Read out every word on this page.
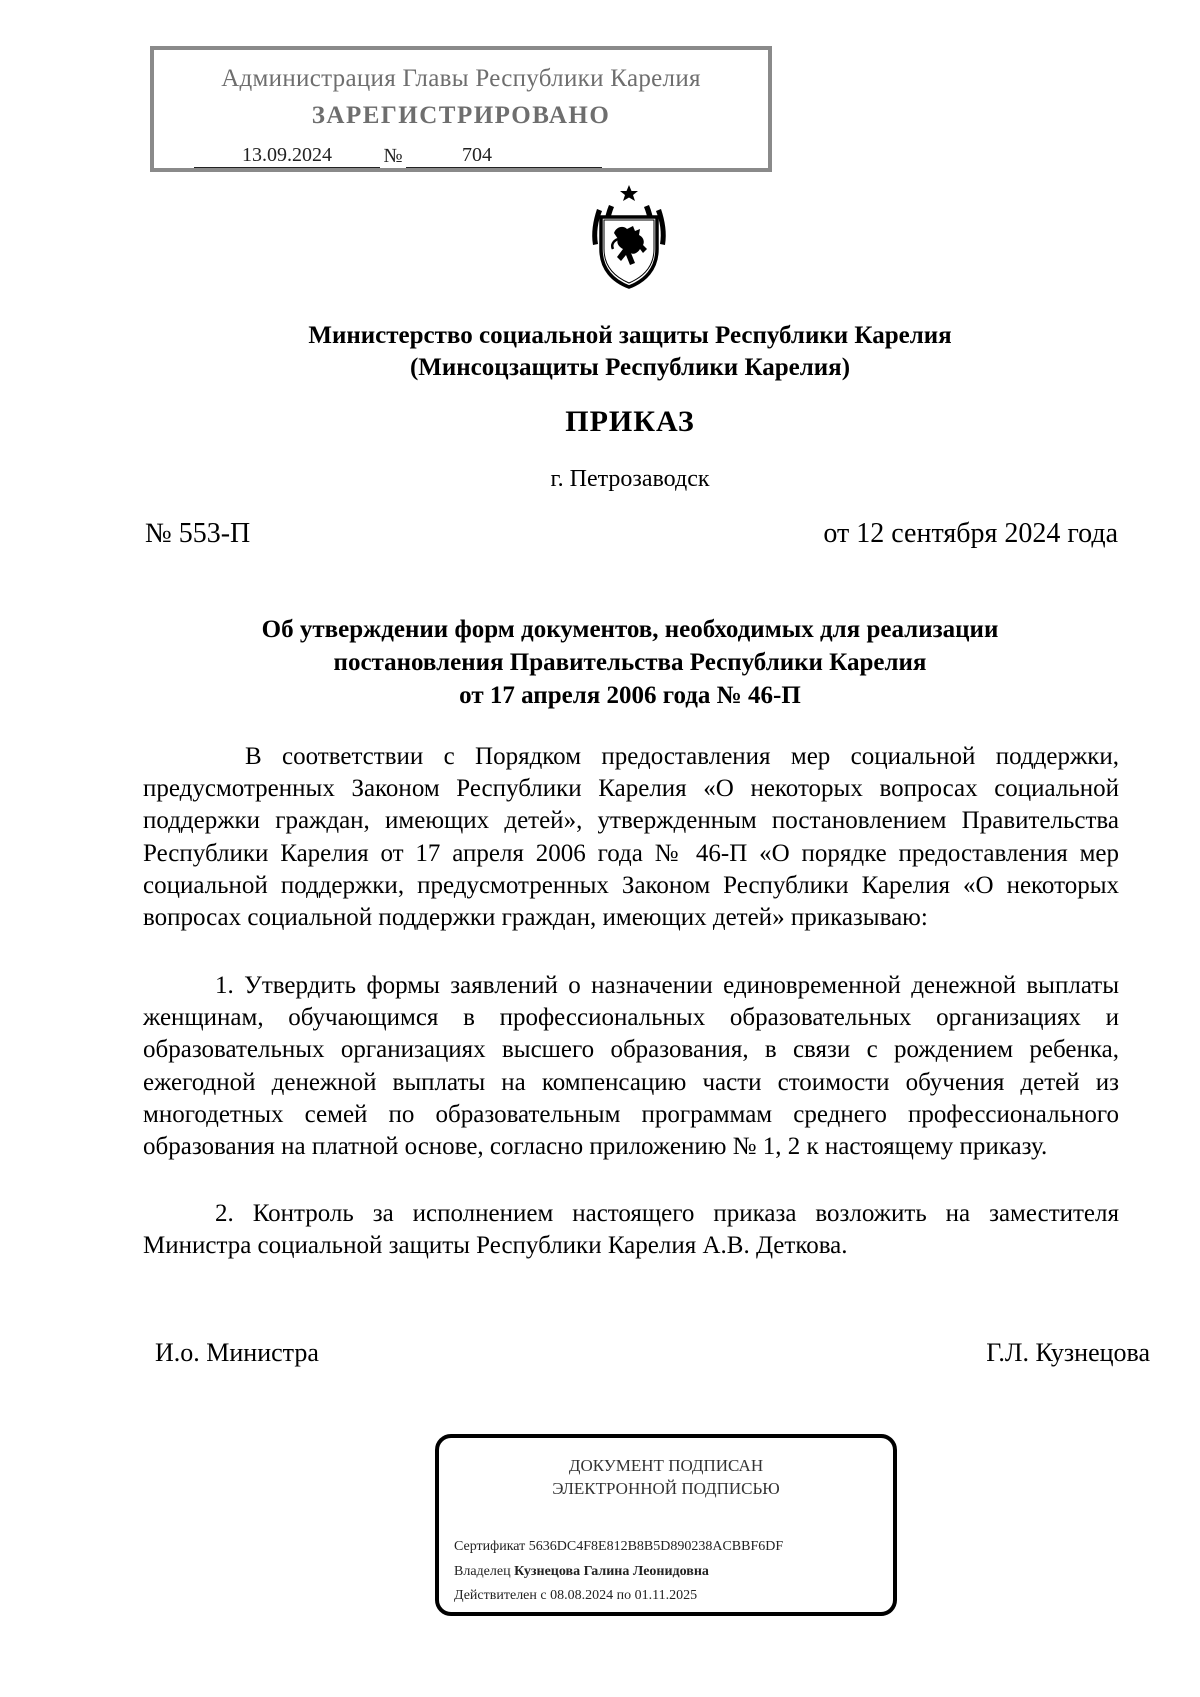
Администрация Главы Республики Карелия
ЗАРЕГИСТРИРОВАНО
13.09.2024	№	704
Министерство социальной защиты Республики Карелия
(Минсоцзащиты Республики Карелия)
ПРИКАЗ
г. Петрозаводск
№ 553-П	от 12 сентября 2024 года
Об утверждении форм документов, необходимых для реализации
постановления Правительства Республики Карелия
от 17 апреля 2006 года № 46-П
В соответствии с Порядком предоставления мер социальной поддержки, предусмотренных Законом Республики Карелия «О некоторых вопросах социальной поддержки граждан, имеющих детей», утвержденным постановлением Правительства Республики Карелия от 17 апреля 2006 года № 46-П «О порядке предоставления мер социальной поддержки, предусмотренных Законом Республики Карелия «О некоторых вопросах социальной поддержки граждан, имеющих детей» приказываю:
1. Утвердить формы заявлений о назначении единовременной денежной выплаты женщинам, обучающимся в профессиональных образовательных организациях и образовательных организациях высшего образования, в связи с рождением ребенка, ежегодной денежной выплаты на компенсацию части стоимости обучения детей из многодетных семей по образовательным программам среднего профессионального образования на платной основе, согласно приложению № 1, 2 к настоящему приказу.
2. Контроль за исполнением настоящего приказа возложить на заместителя Министра социальной защиты Республики Карелия А.В. Деткова.
И.о. Министра	Г.Л. Кузнецова
ДОКУМЕНТ ПОДПИСАН
ЭЛЕКТРОННОЙ ПОДПИСЬЮ
Сертификат 5636DC4F8E812B8B5D890238ACBBF6DF
Владелец Кузнецова Галина Леонидовна
Действителен с 08.08.2024 по 01.11.2025
